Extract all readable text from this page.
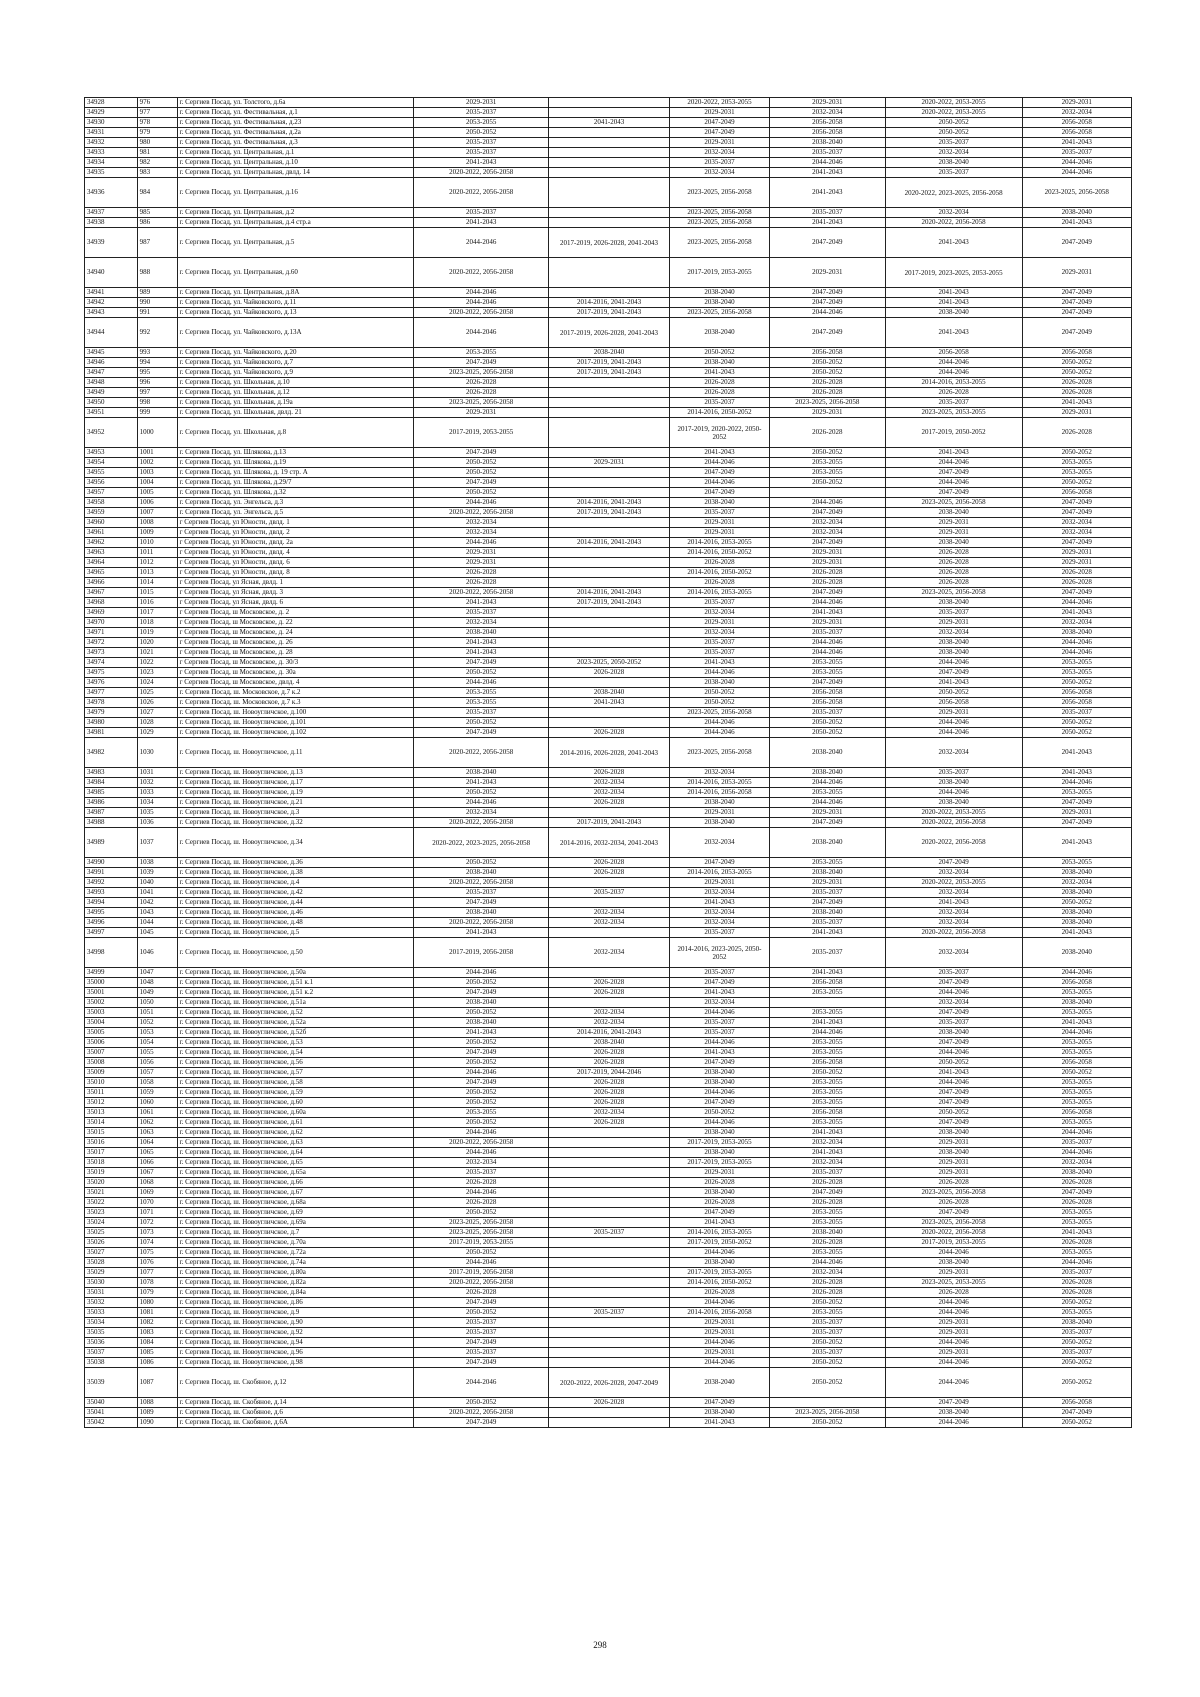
34928	976	г. Сергиев Посад, ул. Толстого, д.6а	2029-2031		2020-2022, 2053-2055	2029-2031	2020-2022, 2053-2055	2029-2031
34929	977	г. Сергиев Посад, ул. Фестивальная, д.1	2035-2037		2029-2031	2032-2034	2020-2022, 2053-2055	2032-2034
34930	978	г. Сергиев Посад, ул. Фестивальная, д.23	2053-2055	2041-2043	2047-2049	2056-2058	2050-2052	2056-2058
34931	979	г. Сергиев Посад, ул. Фестивальная, д.2а	2050-2052		2047-2049	2056-2058	2050-2052	2056-2058
34932	980	г. Сергиев Посад, ул. Фестивальная, д.3	2035-2037		2029-2031	2038-2040	2035-2037	2041-2043
34933	981	г. Сергиев Посад, ул. Центральная, д.1	2035-2037		2032-2034	2035-2037	2032-2034	2035-2037
34934	982	г. Сергиев Посад, ул. Центральная, д.10	2041-2043		2035-2037	2044-2046	2038-2040	2044-2046
34935	983	г. Сергиев Посад, ул. Центральная, двлд. 14	2020-2022, 2056-2058		2032-2034	2041-2043	2035-2037	2044-2046
34936	984	г. Сергиев Посад, ул. Центральная, д.16	2020-2022, 2056-2058		2023-2025, 2056-2058	2041-2043	2020-2022, 2023-2025, 2056-2058	2023-2025, 2056-2058
34937	985	г. Сергиев Посад, ул. Центральная, д.2	2035-2037		2023-2025, 2056-2058	2035-2037	2032-2034	2038-2040
34938	986	г. Сергиев Посад, ул. Центральная, д.4 стр.а	2041-2043		2023-2025, 2056-2058	2041-2043	2020-2022, 2056-2058	2041-2043
34939	987	г. Сергиев Посад, ул. Центральная, д.5	2044-2046	2017-2019, 2026-2028, 2041-2043	2023-2025, 2056-2058	2047-2049	2041-2043	2047-2049
34940	988	г. Сергиев Посад, ул. Центральная, д.60	2020-2022, 2056-2058		2017-2019, 2053-2055	2029-2031	2017-2019, 2023-2025, 2053-2055	2029-2031
34941	989	г. Сергиев Посад, ул. Центральная, д.8А	2044-2046		2038-2040	2047-2049	2041-2043	2047-2049
34942	990	г. Сергиев Посад, ул. Чайковского, д.11	2044-2046	2014-2016, 2041-2043	2038-2040	2047-2049	2041-2043	2047-2049
34943	991	г. Сергиев Посад, ул. Чайковского, д.13	2020-2022, 2056-2058	2017-2019, 2041-2043	2023-2025, 2056-2058	2044-2046	2038-2040	2047-2049
34944	992	г. Сергиев Посад, ул. Чайковского, д.13А	2044-2046	2017-2019, 2026-2028, 2041-2043	2038-2040	2047-2049	2041-2043	2047-2049
34945	993	г. Сергиев Посад, ул. Чайковского, д.20	2053-2055	2038-2040	2050-2052	2056-2058	2056-2058	2056-2058
34946	994	г. Сергиев Посад, ул. Чайковского, д.7	2047-2049	2017-2019, 2041-2043	2038-2040	2050-2052	2044-2046	2050-2052
34947	995	г. Сергиев Посад, ул. Чайковского, д.9	2023-2025, 2056-2058	2017-2019, 2041-2043	2041-2043	2050-2052	2044-2046	2050-2052
34948	996	г. Сергиев Посад, ул. Школьная, д.10	2026-2028		2026-2028	2026-2028	2014-2016, 2053-2055	2026-2028
34949	997	г. Сергиев Посад, ул. Школьная, д.12	2026-2028		2026-2028	2026-2028	2026-2028	2026-2028
34950	998	г. Сергиев Посад, ул. Школьная, д.19а	2023-2025, 2056-2058		2035-2037	2023-2025, 2056-2058	2035-2037	2041-2043
34951	999	г. Сергиев Посад, ул. Школьная, двлд. 21	2029-2031		2014-2016, 2050-2052	2029-2031	2023-2025, 2053-2055	2029-2031
34952	1000	г. Сергиев Посад, ул. Школьная, д.8	2017-2019, 2053-2055		2017-2019, 2020-2022, 2050-2052	2026-2028	2017-2019, 2050-2052	2026-2028
34953	1001	г. Сергиев Посад, ул. Шлякова, д.13	2047-2049		2041-2043	2050-2052	2041-2043	2050-2052
34954	1002	г. Сергиев Посад, ул. Шлякова, д.19	2050-2052	2029-2031	2044-2046	2053-2055	2044-2046	2053-2055
34955	1003	г. Сергиев Посад, ул. Шлякова, д. 19 стр. А	2050-2052		2047-2049	2053-2055	2047-2049	2053-2055
34956	1004	г. Сергиев Посад, ул. Шлякова, д.29/7	2047-2049		2044-2046	2050-2052	2044-2046	2050-2052
34957	1005	г. Сергиев Посад, ул. Шлякова, д.32	2050-2052		2047-2049		2047-2049	2056-2058
34958	1006	г. Сергиев Посад, ул. Энгельса, д.3	2044-2046	2014-2016, 2041-2043	2038-2040	2044-2046	2023-2025, 2056-2058	2047-2049
34959	1007	г. Сергиев Посад, ул. Энгельса, д.5	2020-2022, 2056-2058	2017-2019, 2041-2043	2035-2037	2047-2049	2038-2040	2047-2049
34960	1008	г Сергиев Посад, ул Юности, двлд. 1	2032-2034		2029-2031	2032-2034	2029-2031	2032-2034
34961	1009	г Сергиев Посад, ул Юности, двлд. 2	2032-2034		2029-2031	2032-2034	2029-2031	2032-2034
34962	1010	г Сергиев Посад, ул Юности, двлд. 2а	2044-2046	2014-2016, 2041-2043	2014-2016, 2053-2055	2047-2049	2038-2040	2047-2049
34963	1011	г Сергиев Посад, ул Юности, двлд. 4	2029-2031		2014-2016, 2050-2052	2029-2031	2026-2028	2029-2031
34964	1012	г Сергиев Посад, ул Юности, двлд. 6	2029-2031		2026-2028	2029-2031	2026-2028	2029-2031
34965	1013	г Сергиев Посад, ул Юности, двлд. 8	2026-2028		2014-2016, 2050-2052	2026-2028	2026-2028	2026-2028
34966	1014	г Сергиев Посад, ул Ясная, двлд. 1	2026-2028		2026-2028	2026-2028	2026-2028	2026-2028
34967	1015	г Сергиев Посад, ул Ясная, двлд. 3	2020-2022, 2056-2058	2014-2016, 2041-2043	2014-2016, 2053-2055	2047-2049	2023-2025, 2056-2058	2047-2049
34968	1016	г Сергиев Посад, ул Ясная, двлд. 6	2041-2043	2017-2019, 2041-2043	2035-2037	2044-2046	2038-2040	2044-2046
34969	1017	г Сергиев Посад, ш Московское, д. 2	2035-2037		2032-2034	2041-2043	2035-2037	2041-2043
34970	1018	г Сергиев Посад, ш Московское, д. 22	2032-2034		2029-2031	2029-2031	2029-2031	2032-2034
34971	1019	г Сергиев Посад, ш Московское, д. 24	2038-2040		2032-2034	2035-2037	2032-2034	2038-2040
34972	1020	г Сергиев Посад, ш Московское, д. 26	2041-2043		2035-2037	2044-2046	2038-2040	2044-2046
34973	1021	г Сергиев Посад, ш Московское, д. 28	2041-2043		2035-2037	2044-2046	2038-2040	2044-2046
34974	1022	г Сергиев Посад, ш Московское, д. 30/3	2047-2049	2023-2025, 2050-2052	2041-2043	2053-2055	2044-2046	2053-2055
34975	1023	г Сергиев Посад, ш Московское, д. 30а	2050-2052	2026-2028	2044-2046	2053-2055	2047-2049	2053-2055
34976	1024	г Сергиев Посад, ш Московское, двлд. 4	2044-2046		2038-2040	2047-2049	2041-2043	2050-2052
34977	1025	г. Сергиев Посад, ш. Московское, д.7 к.2	2053-2055	2038-2040	2050-2052	2056-2058	2050-2052	2056-2058
34978	1026	г. Сергиев Посад, ш. Московское, д.7 к.3	2053-2055	2041-2043	2050-2052	2056-2058	2056-2058	2056-2058
34979	1027	г. Сергиев Посад, ш. Новоугличское, д.100	2035-2037		2023-2025, 2056-2058	2035-2037	2029-2031	2035-2037
34980	1028	г. Сергиев Посад, ш. Новоугличское, д.101	2050-2052		2044-2046	2050-2052	2044-2046	2050-2052
34981	1029	г. Сергиев Посад, ш. Новоугличское, д.102	2047-2049	2026-2028	2044-2046	2050-2052	2044-2046	2050-2052
34982	1030	г. Сергиев Посад, ш. Новоугличское, д.11	2020-2022, 2056-2058	2014-2016, 2026-2028, 2041-2043	2023-2025, 2056-2058	2038-2040	2032-2034	2041-2043
34983	1031	г. Сергиев Посад, ш. Новоугличское, д.13	2038-2040	2026-2028	2032-2034	2038-2040	2035-2037	2041-2043
34984	1032	г. Сергиев Посад, ш. Новоугличское, д.17	2041-2043	2032-2034	2014-2016, 2053-2055	2044-2046	2038-2040	2044-2046
34985	1033	г. Сергиев Посад, ш. Новоугличское, д.19	2050-2052	2032-2034	2014-2016, 2056-2058	2053-2055	2044-2046	2053-2055
34986	1034	г. Сергиев Посад, ш. Новоугличское, д.21	2044-2046	2026-2028	2038-2040	2044-2046	2038-2040	2047-2049
34987	1035	г. Сергиев Посад, ш. Новоугличское, д.3	2032-2034		2029-2031	2029-2031	2020-2022, 2053-2055	2029-2031
34988	1036	г. Сергиев Посад, ш. Новоугличское, д.32	2020-2022, 2056-2058	2017-2019, 2041-2043	2038-2040	2047-2049	2020-2022, 2056-2058	2047-2049
34989	1037	г. Сергиев Посад, ш. Новоугличское, д.34	2020-2022, 2023-2025, 2056-2058	2014-2016, 2032-2034, 2041-2043	2032-2034	2038-2040	2020-2022, 2056-2058	2041-2043
34990	1038	г. Сергиев Посад, ш. Новоугличское, д.36	2050-2052	2026-2028	2047-2049	2053-2055	2047-2049	2053-2055
34991	1039	г. Сергиев Посад, ш. Новоугличское, д.38	2038-2040	2026-2028	2014-2016, 2053-2055	2038-2040	2032-2034	2038-2040
34992	1040	г. Сергиев Посад, ш. Новоугличское, д.4	2020-2022, 2056-2058		2029-2031	2029-2031	2020-2022, 2053-2055	2032-2034
34993	1041	г. Сергиев Посад, ш. Новоугличское, д.42	2035-2037	2035-2037	2032-2034	2035-2037	2032-2034	2038-2040
34994	1042	г. Сергиев Посад, ш. Новоугличское, д.44	2047-2049		2041-2043	2047-2049	2041-2043	2050-2052
34995	1043	г. Сергиев Посад, ш. Новоугличское, д.46	2038-2040	2032-2034	2032-2034	2038-2040	2032-2034	2038-2040
34996	1044	г. Сергиев Посад, ш. Новоугличское, д.48	2020-2022, 2056-2058	2032-2034	2032-2034	2035-2037	2032-2034	2038-2040
34997	1045	г. Сергиев Посад, ш. Новоугличское, д.5	2041-2043		2035-2037	2041-2043	2020-2022, 2056-2058	2041-2043
34998	1046	г. Сергиев Посад, ш. Новоугличское, д.50	2017-2019, 2056-2058	2032-2034	2014-2016, 2023-2025, 2050-2052	2035-2037	2032-2034	2038-2040
34999	1047	г. Сергиев Посад, ш. Новоугличское, д.50а	2044-2046		2035-2037	2041-2043	2035-2037	2044-2046
35000	1048	г. Сергиев Посад, ш. Новоугличское, д.51 к.1	2050-2052	2026-2028	2047-2049	2056-2058	2047-2049	2056-2058
35001	1049	г. Сергиев Посад, ш. Новоугличское, д.51 к.2	2047-2049	2026-2028	2041-2043	2053-2055	2044-2046	2053-2055
35002	1050	г. Сергиев Посад, ш. Новоугличское, д.51а	2038-2040		2032-2034		2032-2034	2038-2040
35003	1051	г. Сергиев Посад, ш. Новоугличское, д.52	2050-2052	2032-2034	2044-2046	2053-2055	2047-2049	2053-2055
35004	1052	г. Сергиев Посад, ш. Новоугличское, д.52а	2038-2040	2032-2034	2035-2037	2041-2043	2035-2037	2041-2043
35005	1053	г. Сергиев Посад, ш. Новоугличское, д.52б	2041-2043	2014-2016, 2041-2043	2035-2037	2044-2046	2038-2040	2044-2046
35006	1054	г. Сергиев Посад, ш. Новоугличское, д.53	2050-2052	2038-2040	2044-2046	2053-2055	2047-2049	2053-2055
35007	1055	г. Сергиев Посад, ш. Новоугличское, д.54	2047-2049	2026-2028	2041-2043	2053-2055	2044-2046	2053-2055
35008	1056	г. Сергиев Посад, ш. Новоугличское, д.56	2050-2052	2026-2028	2047-2049	2056-2058	2050-2052	2056-2058
35009	1057	г. Сергиев Посад, ш. Новоугличское, д.57	2044-2046	2017-2019, 2044-2046	2038-2040	2050-2052	2041-2043	2050-2052
35010	1058	г. Сергиев Посад, ш. Новоугличское, д.58	2047-2049	2026-2028	2038-2040	2053-2055	2044-2046	2053-2055
35011	1059	г. Сергиев Посад, ш. Новоугличское, д.59	2050-2052	2026-2028	2044-2046	2053-2055	2047-2049	2053-2055
35012	1060	г. Сергиев Посад, ш. Новоугличское, д.60	2050-2052	2026-2028	2047-2049	2053-2055	2047-2049	2053-2055
35013	1061	г. Сергиев Посад, ш. Новоугличское, д.60а	2053-2055	2032-2034	2050-2052	2056-2058	2050-2052	2056-2058
35014	1062	г. Сергиев Посад, ш. Новоугличское, д.61	2050-2052	2026-2028	2044-2046	2053-2055	2047-2049	2053-2055
35015	1063	г. Сергиев Посад, ш. Новоугличское, д.62	2044-2046		2038-2040	2041-2043	2038-2040	2044-2046
35016	1064	г. Сергиев Посад, ш. Новоугличское, д.63	2020-2022, 2056-2058		2017-2019, 2053-2055	2032-2034	2029-2031	2035-2037
35017	1065	г. Сергиев Посад, ш. Новоугличское, д.64	2044-2046		2038-2040	2041-2043	2038-2040	2044-2046
35018	1066	г. Сергиев Посад, ш. Новоугличское, д.65	2032-2034		2017-2019, 2053-2055	2032-2034	2029-2031	2032-2034
35019	1067	г. Сергиев Посад, ш. Новоугличское, д.65а	2035-2037		2029-2031	2035-2037	2029-2031	2038-2040
35020	1068	г. Сергиев Посад, ш. Новоугличское, д.66	2026-2028		2026-2028	2026-2028	2026-2028	2026-2028
35021	1069	г. Сергиев Посад, ш. Новоугличское, д.67	2044-2046		2038-2040	2047-2049	2023-2025, 2056-2058	2047-2049
35022	1070	г. Сергиев Посад, ш. Новоугличское, д.68а	2026-2028		2026-2028	2026-2028	2026-2028	2026-2028
35023	1071	г. Сергиев Посад, ш. Новоугличское, д.69	2050-2052		2047-2049	2053-2055	2047-2049	2053-2055
35024	1072	г. Сергиев Посад, ш. Новоугличское, д.69а	2023-2025, 2056-2058		2041-2043	2053-2055	2023-2025, 2056-2058	2053-2055
35025	1073	г. Сергиев Посад, ш. Новоугличское, д.7	2023-2025, 2056-2058	2035-2037	2014-2016, 2053-2055	2038-2040	2020-2022, 2056-2058	2041-2043
35026	1074	г. Сергиев Посад, ш. Новоугличское, д.70а	2017-2019, 2053-2055		2017-2019, 2050-2052	2026-2028	2017-2019, 2053-2055	2026-2028
35027	1075	г. Сергиев Посад, ш. Новоугличское, д.72а	2050-2052		2044-2046	2053-2055	2044-2046	2053-2055
35028	1076	г. Сергиев Посад, ш. Новоугличское, д.74а	2044-2046		2038-2040	2044-2046	2038-2040	2044-2046
35029	1077	г. Сергиев Посад, ш. Новоугличское, д.80а	2017-2019, 2056-2058		2017-2019, 2053-2055	2032-2034	2029-2031	2035-2037
35030	1078	г. Сергиев Посад, ш. Новоугличское, д.82а	2020-2022, 2056-2058		2014-2016, 2050-2052	2026-2028	2023-2025, 2053-2055	2026-2028
35031	1079	г. Сергиев Посад, ш. Новоугличское, д.84а	2026-2028		2026-2028	2026-2028	2026-2028	2026-2028
35032	1080	г. Сергиев Посад, ш. Новоугличское, д.86	2047-2049		2044-2046	2050-2052	2044-2046	2050-2052
35033	1081	г. Сергиев Посад, ш. Новоугличское, д.9	2050-2052	2035-2037	2014-2016, 2056-2058	2053-2055	2044-2046	2053-2055
35034	1082	г. Сергиев Посад, ш. Новоугличское, д.90	2035-2037		2029-2031	2035-2037	2029-2031	2038-2040
35035	1083	г. Сергиев Посад, ш. Новоугличское, д.92	2035-2037		2029-2031	2035-2037	2029-2031	2035-2037
35036	1084	г. Сергиев Посад, ш. Новоугличское, д.94	2047-2049		2044-2046	2050-2052	2044-2046	2050-2052
35037	1085	г. Сергиев Посад, ш. Новоугличское, д.96	2035-2037		2029-2031	2035-2037	2029-2031	2035-2037
35038	1086	г. Сергиев Посад, ш. Новоугличское, д.98	2047-2049		2044-2046	2050-2052	2044-2046	2050-2052
35039	1087	г. Сергиев Посад, ш. Скобяное, д.12	2044-2046	2020-2022, 2026-2028, 2047-2049	2038-2040	2050-2052	2044-2046	2050-2052
35040	1088	г. Сергиев Посад, ш. Скобяное, д.14	2050-2052	2026-2028	2047-2049		2047-2049	2056-2058
35041	1089	г. Сергиев Посад, ш. Скобяное, д.6	2020-2022, 2056-2058		2038-2040	2023-2025, 2056-2058	2038-2040	2047-2049
35042	1090	г. Сергиев Посад, ш. Скобяное, д.6А	2047-2049		2041-2043	2050-2052	2044-2046	2050-2052
298
